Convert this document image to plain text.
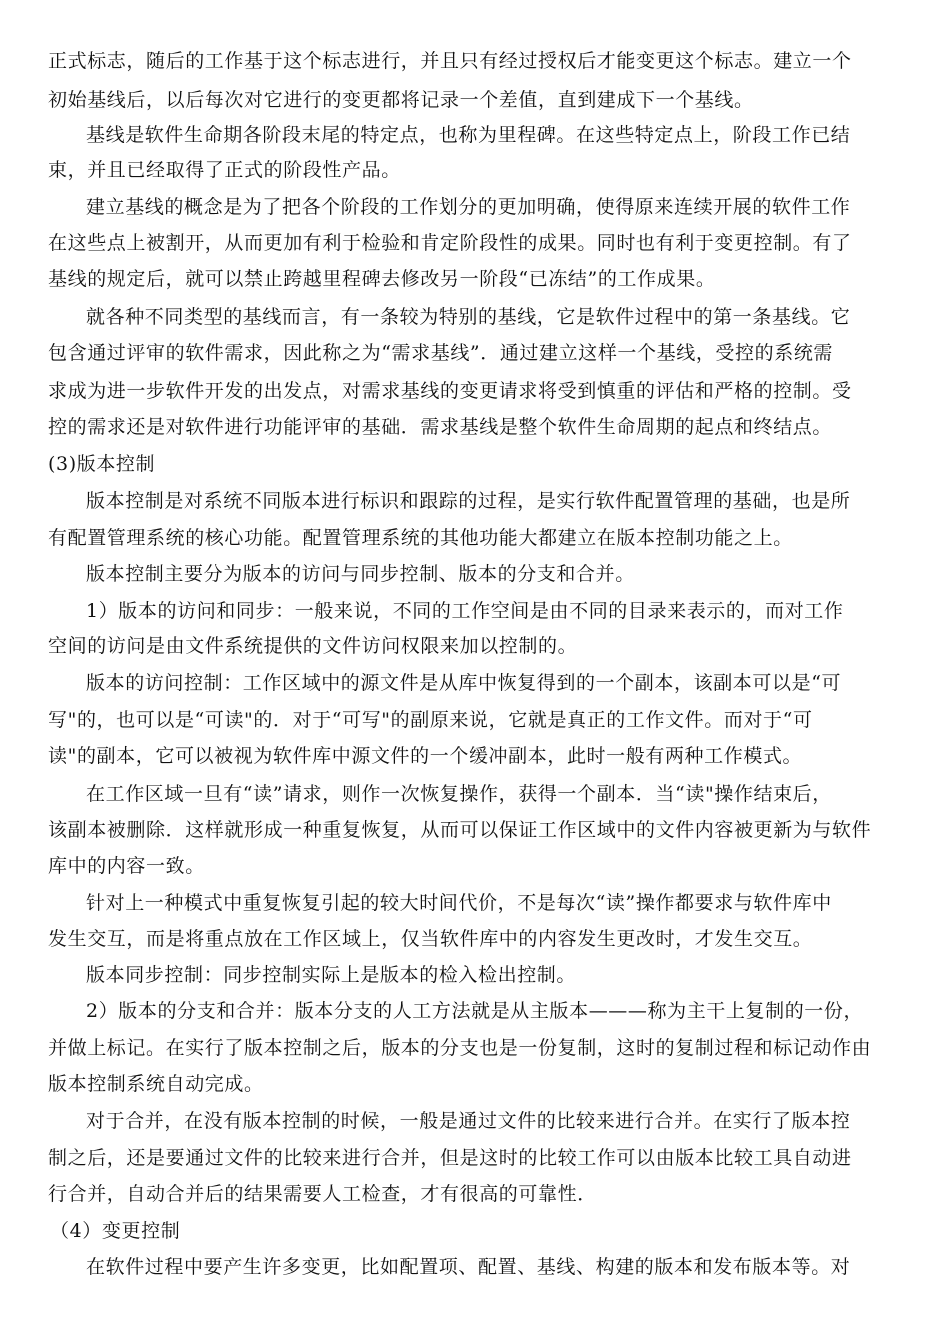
正式标志，随后的工作基于这个标志进行，并且只有经过授权后才能变更这个标志。建立一个
初始基线后，以后每次对它进行的变更都将记录一个差值，直到建成下一个基线。
基线是软件生命期各阶段末尾的特定点，也称为里程碑。在这些特定点上，阶段工作已结
束，并且已经取得了正式的阶段性产品。
建立基线的概念是为了把各个阶段的工作划分的更加明确，使得原来连续开展的软件工作
在这些点上被割开，从而更加有利于检验和肯定阶段性的成果。同时也有利于变更控制。有了
基线的规定后，就可以禁止跨越里程碑去修改另一阶段“已冻结”的工作成果。
就各种不同类型的基线而言，有一条较为特别的基线，它是软件过程中的第一条基线。它
包含通过评审的软件需求，因此称之为“需求基线”．通过建立这样一个基线，受控的系统需
求成为进一步软件开发的出发点，对需求基线的变更请求将受到慎重的评估和严格的控制。受
控的需求还是对软件进行功能评审的基础．需求基线是整个软件生命周期的起点和终结点。
(3)版本控制
版本控制是对系统不同版本进行标识和跟踪的过程，是实行软件配置管理的基础，也是所
有配置管理系统的核心功能。配置管理系统的其他功能大都建立在版本控制功能之上。
版本控制主要分为版本的访问与同步控制、版本的分支和合并。
1）版本的访问和同步：一般来说，不同的工作空间是由不同的目录来表示的，而对工作
空间的访问是由文件系统提供的文件访问权限来加以控制的。
版本的访问控制：工作区域中的源文件是从库中恢复得到的一个副本，该副本可以是“可
写"的，也可以是“可读"的．对于“可写"的副原来说，它就是真正的工作文件。而对于“可
读"的副本，它可以被视为软件库中源文件的一个缓冲副本，此时一般有两种工作模式。
在工作区域一旦有“读”请求，则作一次恢复操作，获得一个副本．当“读"操作结束后，
该副本被删除．这样就形成一种重复恢复，从而可以保证工作区域中的文件内容被更新为与软件
库中的内容一致。
针对上一种模式中重复恢复引起的较大时间代价，不是每次“读”操作都要求与软件库中
发生交互，而是将重点放在工作区域上，仅当软件库中的内容发生更改时，才发生交互。
版本同步控制：同步控制实际上是版本的检入检出控制。
2）版本的分支和合并：版本分支的人工方法就是从主版本———称为主干上复制的一份，
并做上标记。在实行了版本控制之后，版本的分支也是一份复制，这时的复制过程和标记动作由
版本控制系统自动完成。
对于合并，在没有版本控制的时候，一般是通过文件的比较来进行合并。在实行了版本控
制之后，还是要通过文件的比较来进行合并，但是这时的比较工作可以由版本比较工具自动进
行合并，自动合并后的结果需要人工检查，才有很高的可靠性．
（4）变更控制
在软件过程中要产生许多变更，比如配置项、配置、基线、构建的版本和发布版本等。对
